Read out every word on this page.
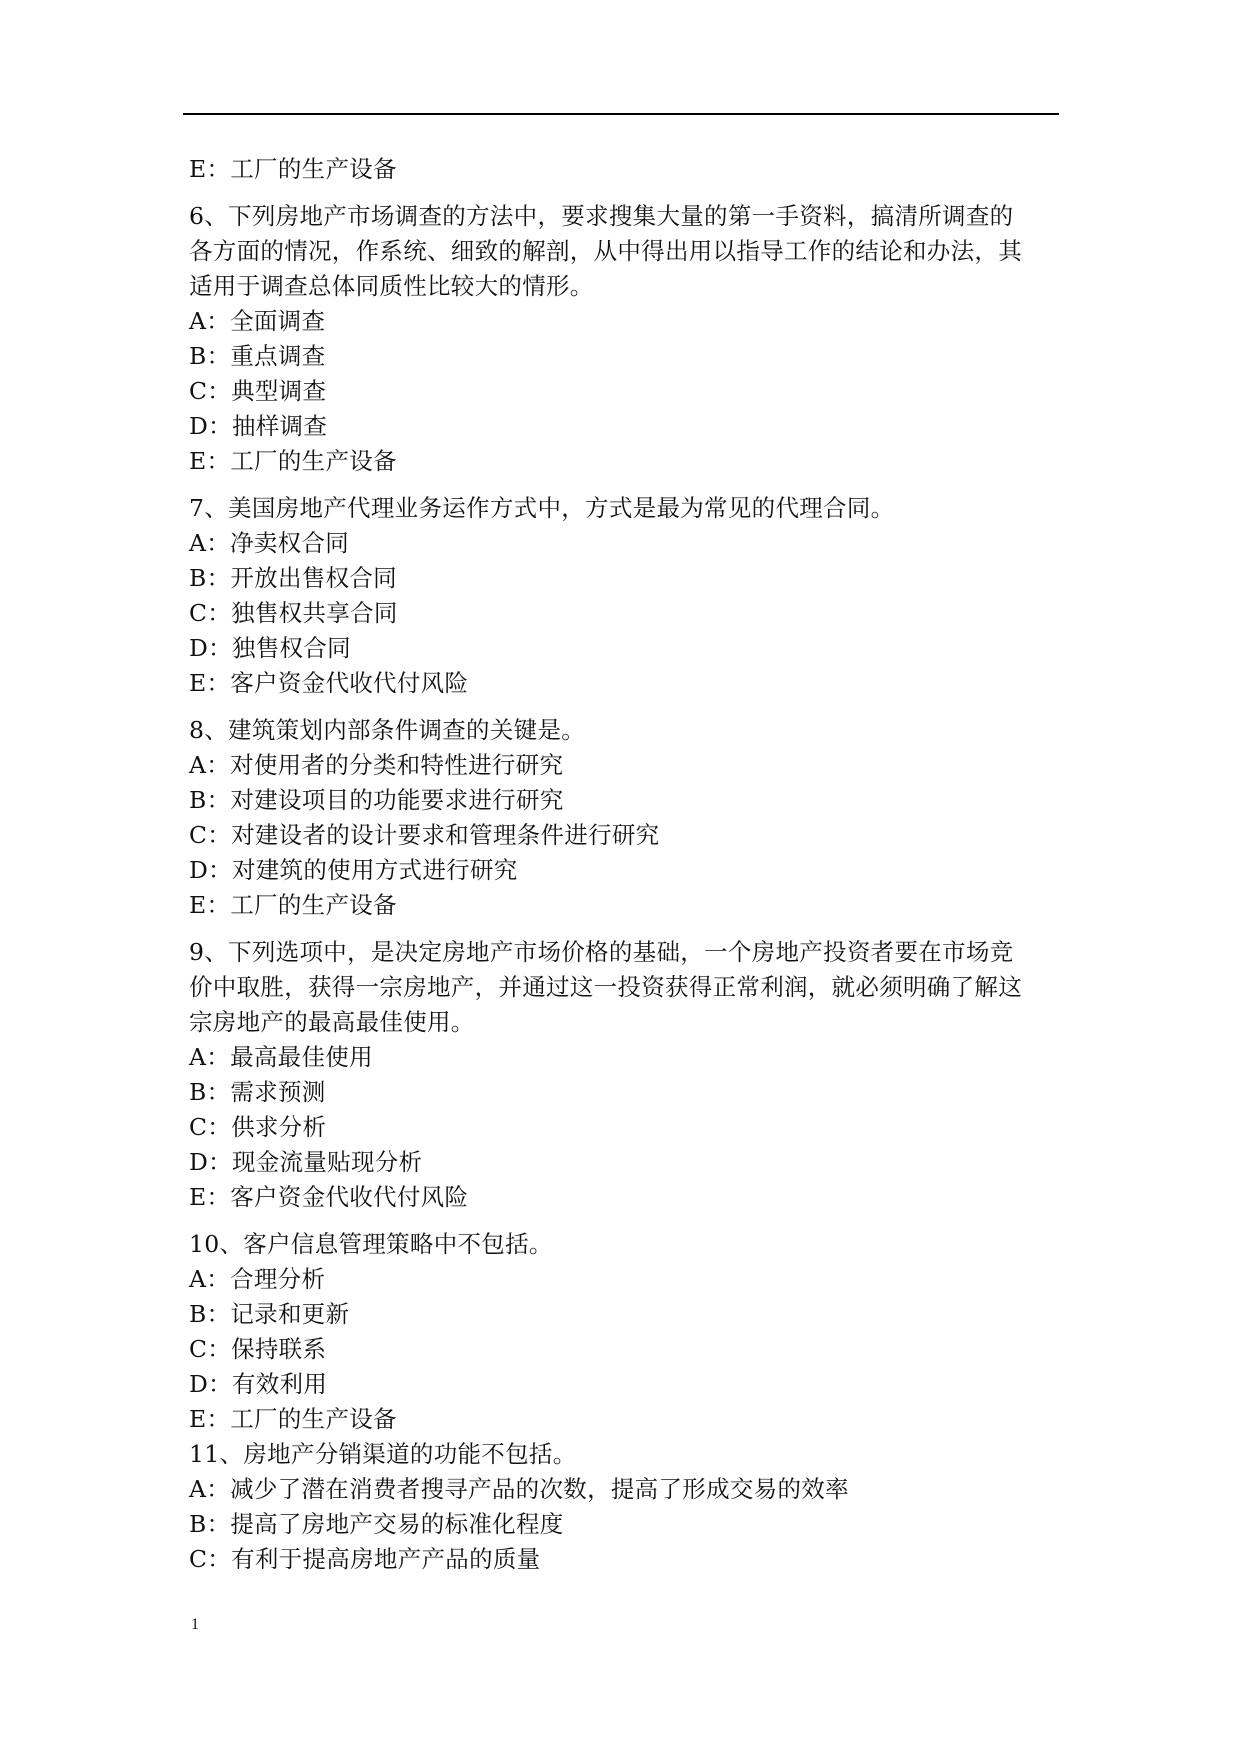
E：工厂的生产设备
6、下列房地产市场调查的方法中，要求搜集大量的第一手资料，搞清所调查的
各方面的情况，作系统、细致的解剖，从中得出用以指导工作的结论和办法，其
适用于调查总体同质性比较大的情形。
A：全面调查
B：重点调查
C：典型调查
D：抽样调查
E：工厂的生产设备
7、美国房地产代理业务运作方式中，方式是最为常见的代理合同。
A：净卖权合同
B：开放出售权合同
C：独售权共享合同
D：独售权合同
E：客户资金代收代付风险
8、建筑策划内部条件调查的关键是。
A：对使用者的分类和特性进行研究
B：对建设项目的功能要求进行研究
C：对建设者的设计要求和管理条件进行研究
D：对建筑的使用方式进行研究
E：工厂的生产设备
9、下列选项中，是决定房地产市场价格的基础，一个房地产投资者要在市场竞
价中取胜，获得一宗房地产，并通过这一投资获得正常利润，就必须明确了解这
宗房地产的最高最佳使用。
A：最高最佳使用
B：需求预测
C：供求分析
D：现金流量贴现分析
E：客户资金代收代付风险
10、客户信息管理策略中不包括。
A：合理分析
B：记录和更新
C：保持联系
D：有效利用
E：工厂的生产设备
11、房地产分销渠道的功能不包括。
A：减少了潜在消费者搜寻产品的次数，提高了形成交易的效率
B：提高了房地产交易的标准化程度
C：有利于提高房地产产品的质量
1
